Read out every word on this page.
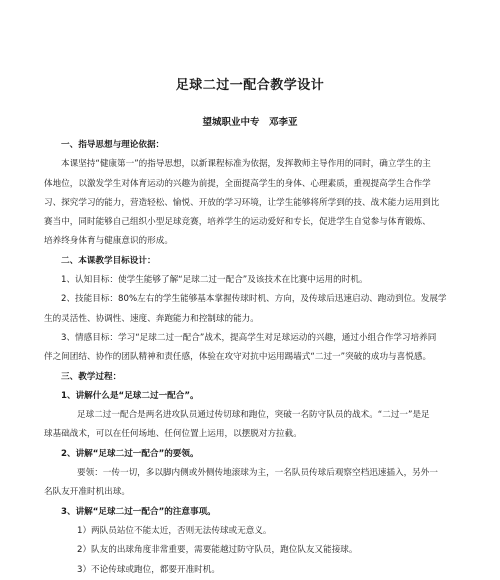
足球二过一配合教学设计
望城职业中专　邓李亚

一、指导思想与理论依据：

本课坚持“健康第一”的指导思想，以新课程标准为依据，发挥教师主导作用的同时，确立学生的主

体地位，以激发学生对体育运动的兴趣为前提，全面提高学生的身体、心理素质，重视提高学生合作学

习、探究学习的能力，营造轻松、愉悦、开放的学习环境，让学生能够将所学到的技、战术能力运用到比

赛当中，同时能够自己组织小型足球竞赛，培养学生的运动爱好和专长，促进学生自觉参与体育锻炼、

培养终身体育与健康意识的形成。

二、本课教学目标设计：

1、认知目标：使学生能够了解“足球二过一配合”及该技术在比赛中运用的时机。

2、技能目标：80%左右的学生能够基本掌握传球时机、方向，及传球后迅速启动、跑动到位。发展学

生的灵活性、协调性、速度、奔跑能力和控制球的能力。

3、情感目标：学习“足球二过一配合”战术，提高学生对足球运动的兴趣，通过小组合作学习培养同

伴之间团结、协作的团队精神和责任感，体验在攻守对抗中运用踢墙式“二过一”突破的成功与喜悦感。

三、教学过程：

1、讲解什么是“足球二过一配合”。

足球二过一配合是两名进攻队员通过传切球和跑位，突破一名防守队员的战术。“二过一”是足

球基础战术，可以在任何场地、任何位置上运用，以摆脱对方拉截。

2、讲解“足球二过一配合”的要领。

要领：一传一切，多以脚内侧或外侧传地滚球为主，一名队员传球后观察空档迅速插入，另外一

名队友开准时机出球。

3、讲解“足球二过一配合”的注意事项。

1）两队员站位不能太近，否则无法传球或无意义。

2）队友的出球角度非常重要，需要能越过防守队员，跑位队友又能接球。

3）不论传球或跑位，都要开准时机。
